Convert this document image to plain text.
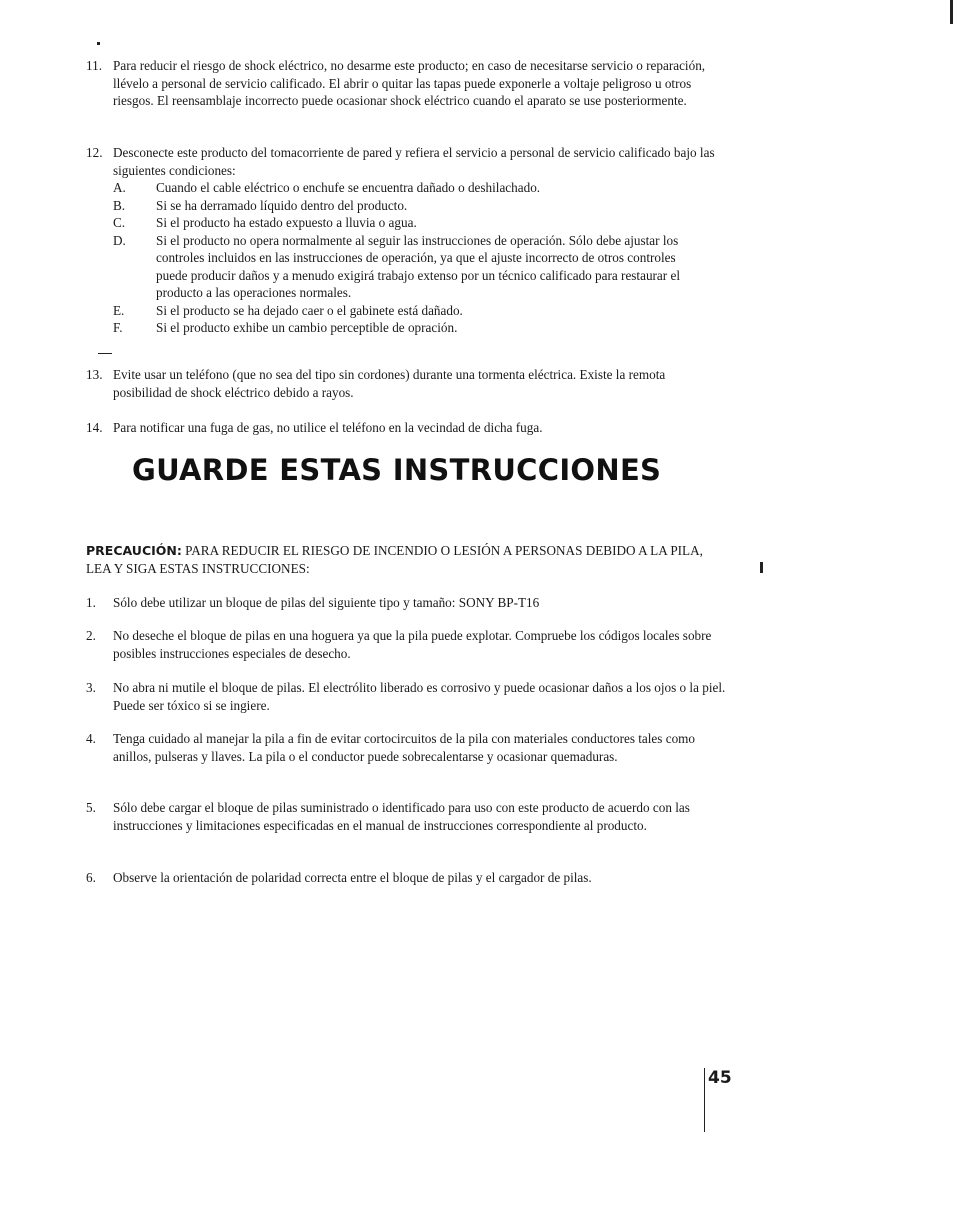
11. Para reducir el riesgo de shock eléctrico, no desarme este producto; en caso de necesitarse servicio o reparación, llévelo a personal de servicio calificado. El abrir o quitar las tapas puede exponerle a voltaje peligroso u otros riesgos. El reensamblaje incorrecto puede ocasionar shock eléctrico cuando el aparato se use posteriormente.
12. Desconecte este producto del tomacorriente de pared y refiera el servicio a personal de servicio calificado bajo las siguientes condiciones:
A. Cuando el cable eléctrico o enchufe se encuentra dañado o deshilachado.
B. Si se ha derramado líquido dentro del producto.
C. Si el producto ha estado expuesto a lluvia o agua.
D. Si el producto no opera normalmente al seguir las instrucciones de operación. Sólo debe ajustar los controles incluidos en las instrucciones de operación, ya que el ajuste incorrecto de otros controles puede producir daños y a menudo exigirá trabajo extenso por un técnico calificado para restaurar el producto a las operaciones normales.
E. Si el producto se ha dejado caer o el gabinete está dañado.
F.	Si el producto exhibe un cambio perceptible de opración.
13. Evite usar un teléfono (que no sea del tipo sin cordones) durante una tormenta eléctrica. Existe la remota posibilidad de shock eléctrico debido a rayos.
14. Para notificar una fuga de gas, no utilice el teléfono en la vecindad de dicha fuga.
GUARDE ESTAS INSTRUCCIONES
PRECAUCIÓN: PARA REDUCIR EL RIESGO DE INCENDIO O LESIÓN A PERSONAS DEBIDO A LA PILA, LEA Y SIGA ESTAS INSTRUCCIONES:
1. Sólo debe utilizar un bloque de pilas del siguiente tipo y tamaño: SONY BP-T16
2. No deseche el bloque de pilas en una hoguera ya que la pila puede explotar. Compruebe los códigos locales sobre posibles instrucciones especiales de desecho.
3. No abra ni mutile el bloque de pilas. El electrólito liberado es corrosivo y puede ocasionar daños a los ojos o la piel. Puede ser tóxico si se ingiere.
4. Tenga cuidado al manejar la pila a fin de evitar cortocircuitos de la pila con materiales conductores tales como anillos, pulseras y llaves. La pila o el conductor puede sobrecalentarse y ocasionar quemaduras.
5. Sólo debe cargar el bloque de pilas suministrado o identificado para uso con este producto de acuerdo con las instrucciones y limitaciones especificadas en el manual de instrucciones correspondiente al producto.
6. Observe la orientación de polaridad correcta entre el bloque de pilas y el cargador de pilas.
45
